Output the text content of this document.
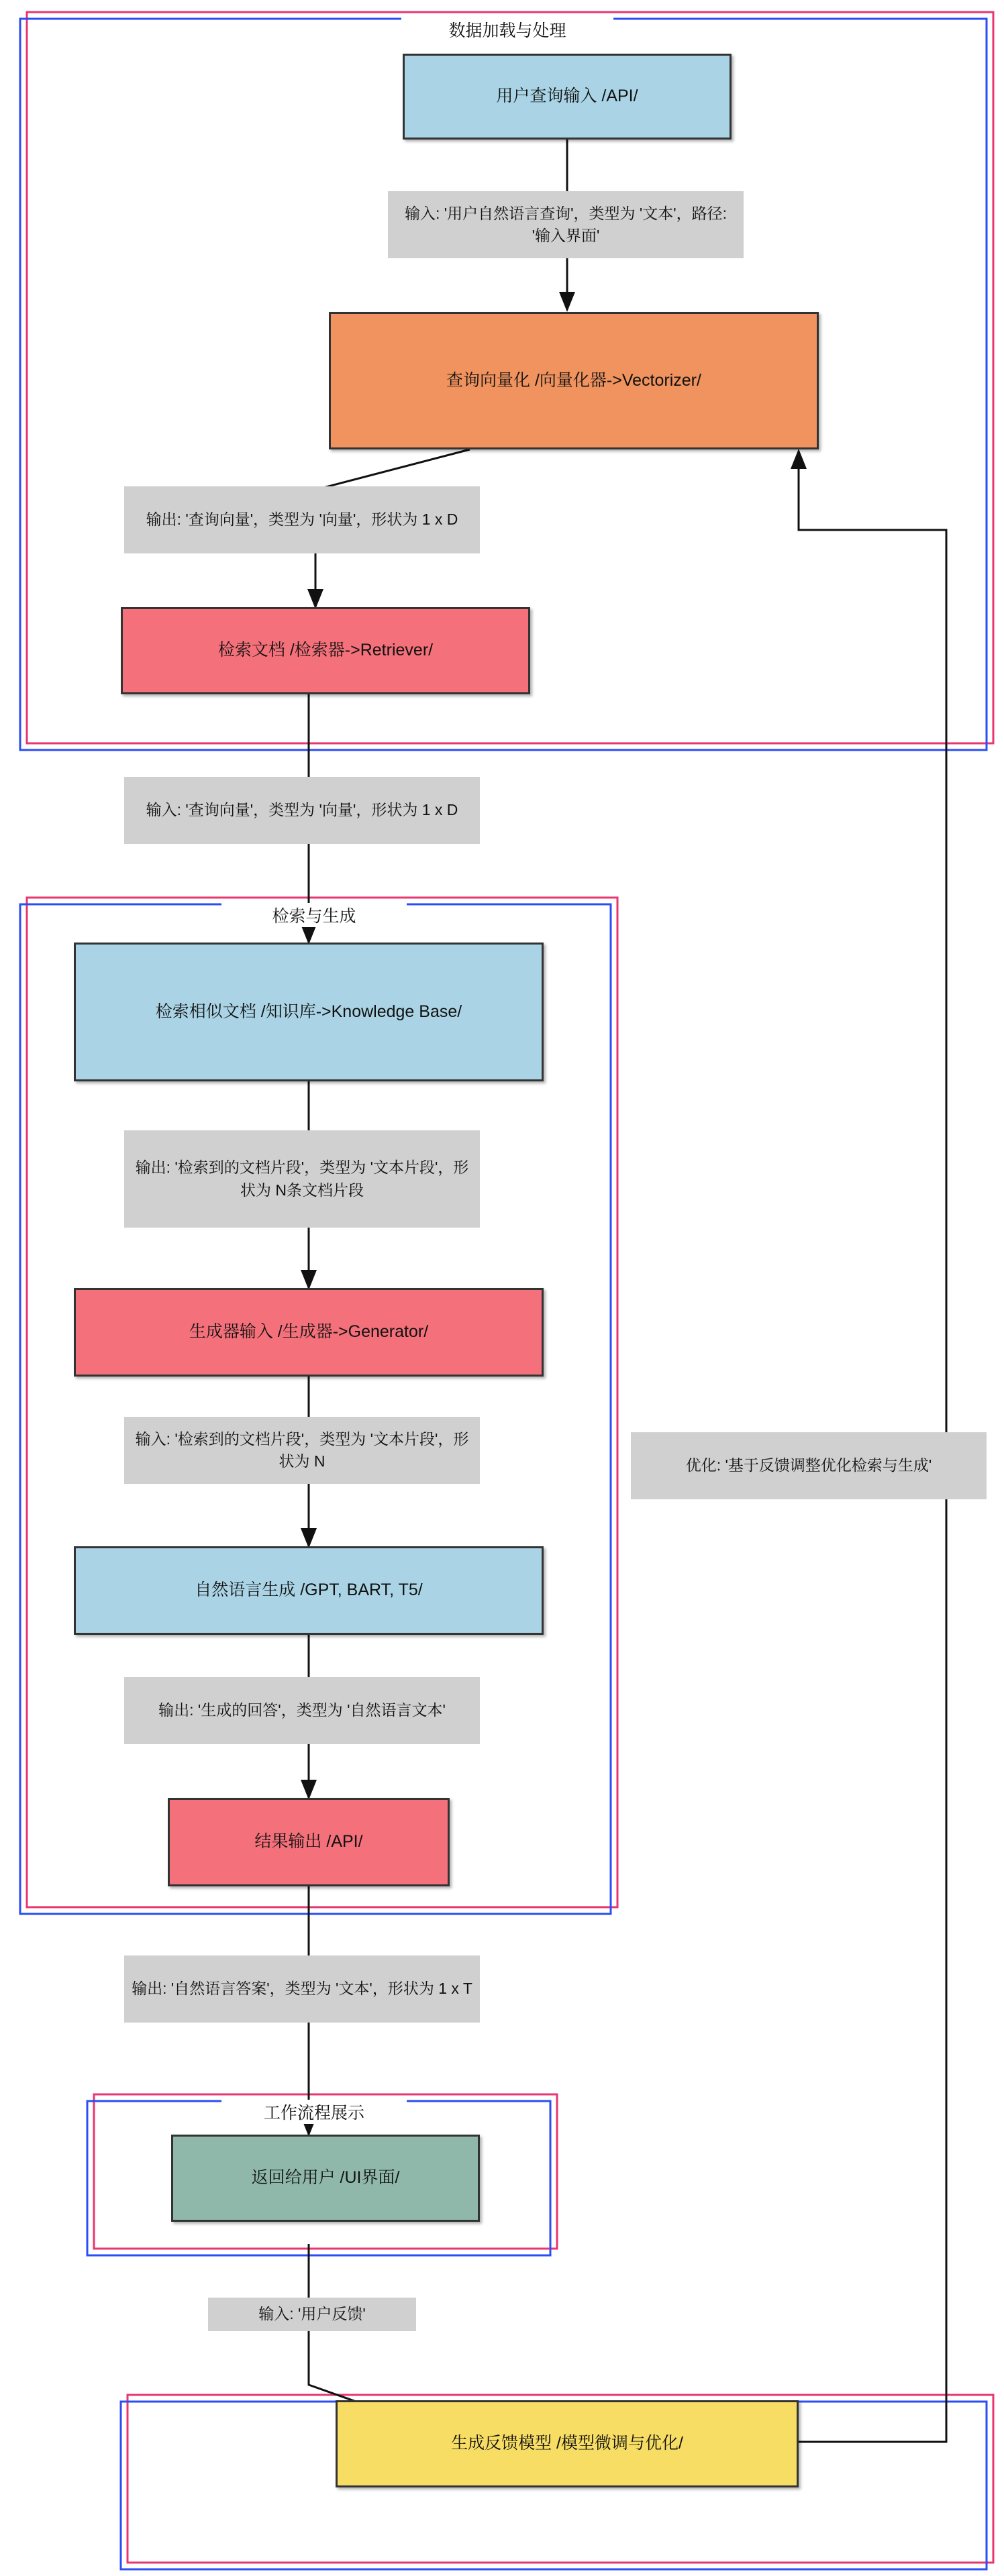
数据加载与处理
检索与生成
工作流程展示
用户查询输入 /API/
查询向量化 /向量化器->Vectorizer/
检索文档 /检索器->Retriever/
检索相似文档 /知识库->Knowledge Base/
生成器输入 /生成器->Generator/
自然语言生成 /GPT, BART, T5/
结果输出 /API/
返回给用户 /UI界面/
生成反馈模型 /模型微调与优化/
输入: '用户自然语言查询'，类型为 '文本'，路径: '输入界面'
输出: '查询向量'，类型为 '向量'，形状为 1 x D
输入: '查询向量'，类型为 '向量'，形状为 1 x D
输出: '检索到的文档片段'，类型为 '文本片段'，形状为 N条文档片段
输入: '检索到的文档片段'，类型为 '文本片段'，形状为 N
输出: '生成的回答'，类型为 '自然语言文本'
输出: '自然语言答案'，类型为 '文本'，形状为 1 x T
输入: '用户反馈'
优化: '基于反馈调整优化检索与生成'
